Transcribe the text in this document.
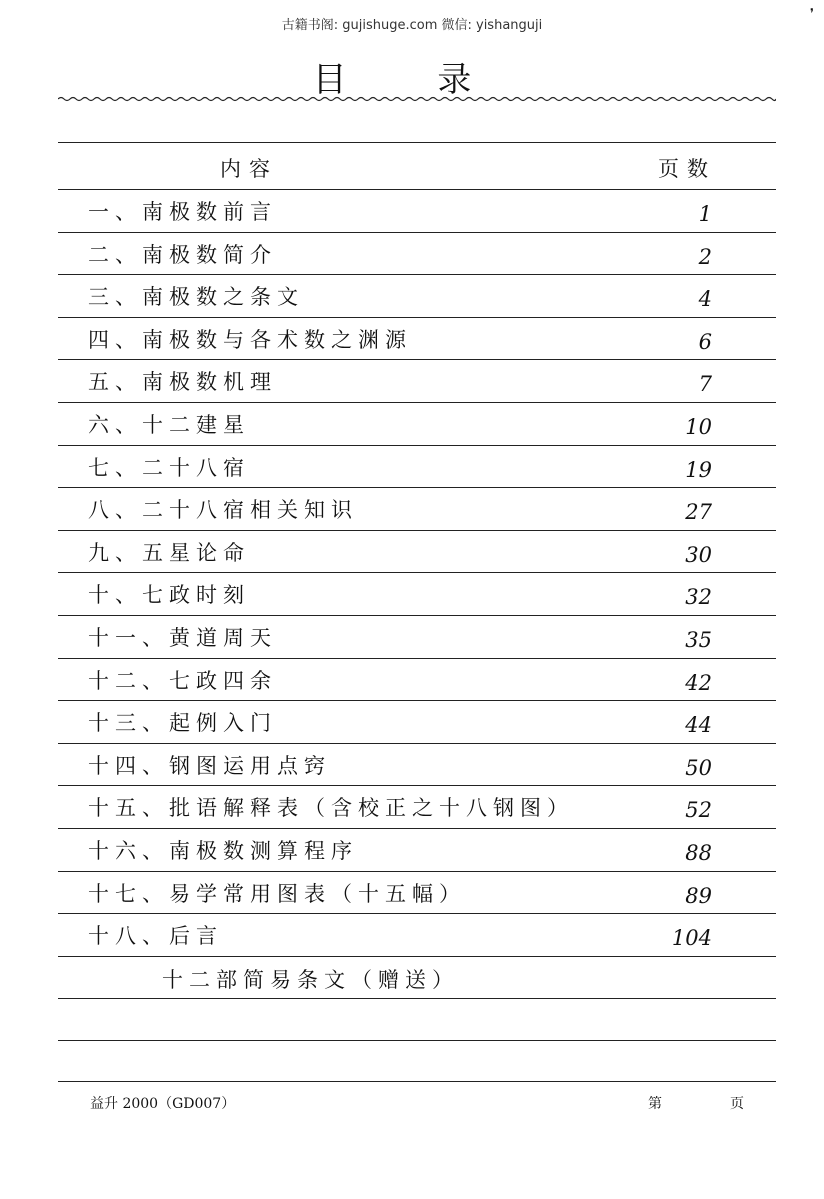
古籍书阁: gujishuge.com 微信: yishanguji
❜
目 录
内容	页数
一、南极数前言	1
二、南极数简介	2
三、南极数之条文	4
四、南极数与各术数之渊源	6
五、南极数机理	7
六、十二建星	10
七、二十八宿	19
八、二十八宿相关知识	27
九、五星论命	30
十、七政时刻	32
十一、黄道周天	35
十二、七政四余	42
十三、起例入门	44
十四、钢图运用点窍	50
十五、批语解释表（含校正之十八钢图）	52
十六、南极数测算程序	88
十七、易学常用图表（十五幅）	89
十八、后言	104
十二部简易条文（赠送）
益升 2000（GD007）	第	页
